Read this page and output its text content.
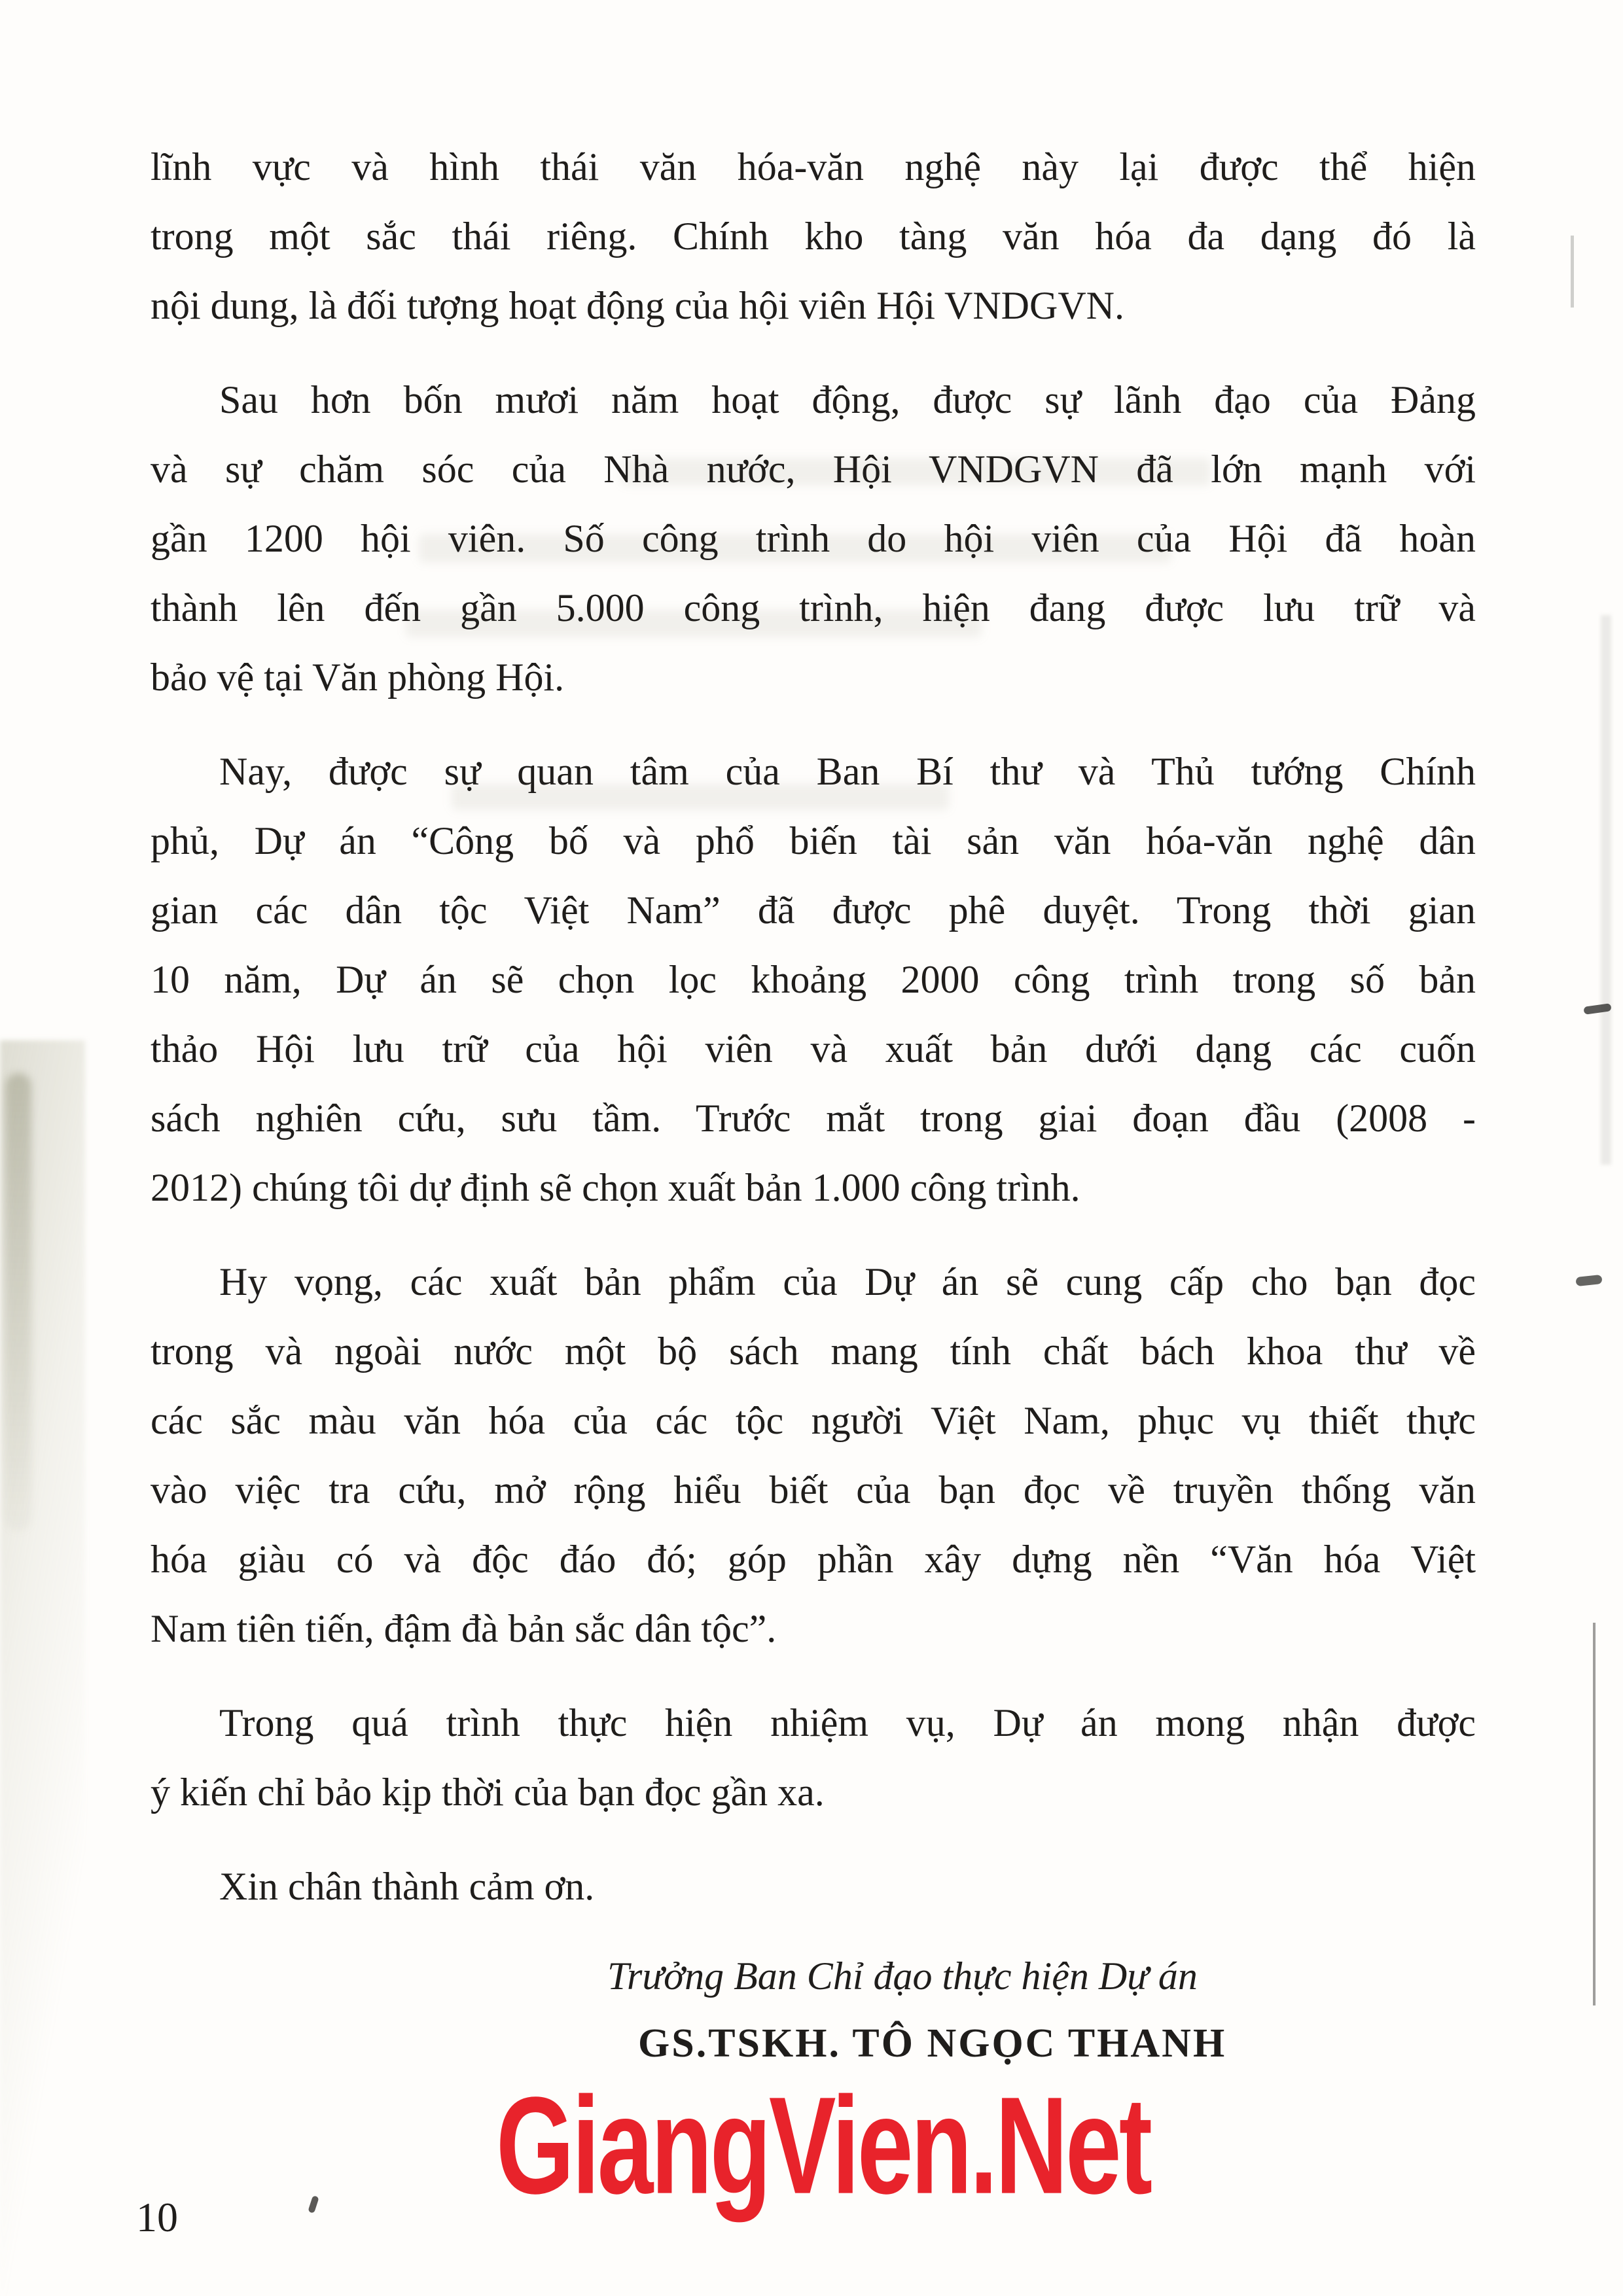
lĩnh vực và hình thái văn hóa-văn nghệ này lại được thể hiện
trong một sắc thái riêng. Chính kho tàng văn hóa đa dạng đó là
nội dung, là đối tượng hoạt động của hội viên Hội VNDGVN.
Sau hơn bốn mươi năm hoạt động, được sự lãnh đạo của Đảng
và sự chăm sóc của Nhà nước, Hội VNDGVN đã lớn mạnh với
gần 1200 hội viên. Số công trình do hội viên của Hội đã hoàn
thành lên đến gần 5.000 công trình, hiện đang được lưu trữ và
bảo vệ tại Văn phòng Hội.
Nay, được sự quan tâm của Ban Bí thư và Thủ tướng Chính
phủ, Dự án “Công bố và phổ biến tài sản văn hóa-văn nghệ dân
gian các dân tộc Việt Nam” đã được phê duyệt. Trong thời gian
10 năm, Dự án sẽ chọn lọc khoảng 2000 công trình trong số bản
thảo Hội lưu trữ của hội viên và xuất bản dưới dạng các cuốn
sách nghiên cứu, sưu tầm. Trước mắt trong giai đoạn đầu (2008 -
2012) chúng tôi dự định sẽ chọn xuất bản 1.000 công trình.
Hy vọng, các xuất bản phẩm của Dự án sẽ cung cấp cho bạn đọc
trong và ngoài nước một bộ sách mang tính chất bách khoa thư về
các sắc màu văn hóa của các tộc người Việt Nam, phục vụ thiết thực
vào việc tra cứu, mở rộng hiểu biết của bạn đọc về truyền thống văn
hóa giàu có và độc đáo đó; góp phần xây dựng nền “Văn hóa Việt
Nam tiên tiến, đậm đà bản sắc dân tộc”.
Trong quá trình thực hiện nhiệm vụ, Dự án mong nhận được
ý kiến chỉ bảo kịp thời của bạn đọc gần xa.
Xin chân thành cảm ơn.
Trưởng Ban Chỉ đạo thực hiện Dự án
GS.TSKH. TÔ NGỌC THANH
GiangVien.Net
10
